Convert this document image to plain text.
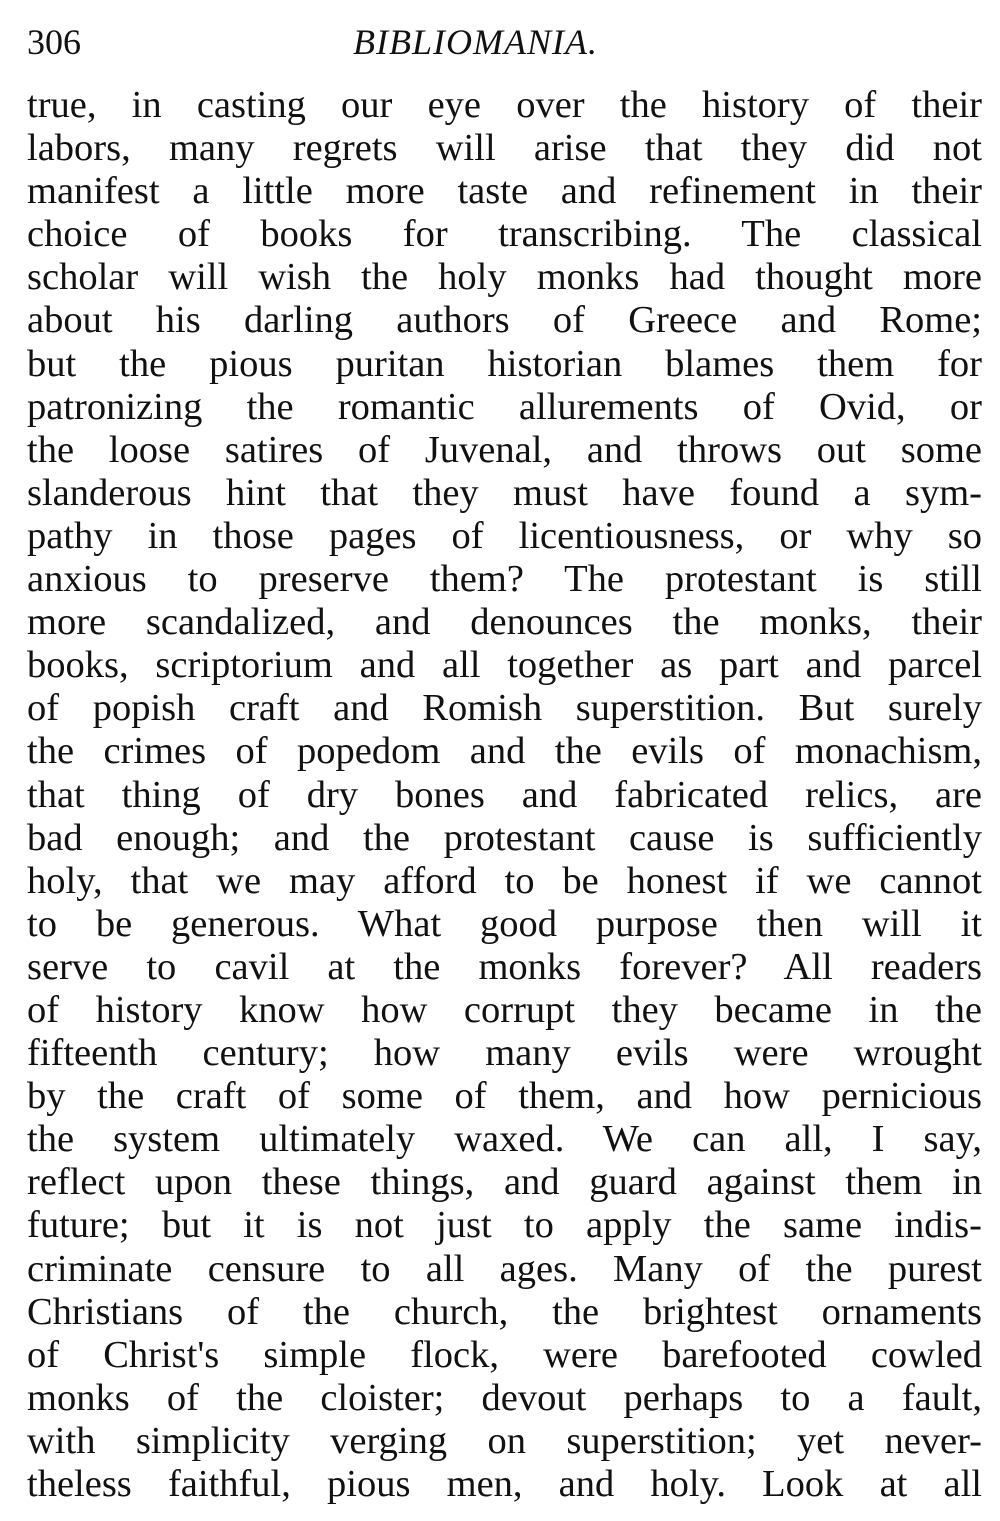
306	BIBLIOMANIA.
true, in casting our eye over the history of their
labors, many regrets will arise that they did not
manifest a little more taste and refinement in their
choice of books for transcribing. The classical
scholar will wish the holy monks had thought more
about his darling authors of Greece and Rome;
but the pious puritan historian blames them for
patronizing the romantic allurements of Ovid, or
the loose satires of Juvenal, and throws out some
slanderous hint that they must have found a sym-
pathy in those pages of licentiousness, or why so
anxious to preserve them? The protestant is still
more scandalized, and denounces the monks, their
books, scriptorium and all together as part and parcel
of popish craft and Romish superstition. But surely
the crimes of popedom and the evils of monachism,
that thing of dry bones and fabricated relics, are
bad enough; and the protestant cause is sufficiently
holy, that we may afford to be honest if we cannot
to be generous. What good purpose then will it
serve to cavil at the monks forever? All readers
of history know how corrupt they became in the
fifteenth century; how many evils were wrought
by the craft of some of them, and how pernicious
the system ultimately waxed. We can all, I say,
reflect upon these things, and guard against them in
future; but it is not just to apply the same indis-
criminate censure to all ages. Many of the purest
Christians of the church, the brightest ornaments
of Christ's simple flock, were barefooted cowled
monks of the cloister; devout perhaps to a fault,
with simplicity verging on superstition; yet never-
theless faithful, pious men, and holy. Look at all
